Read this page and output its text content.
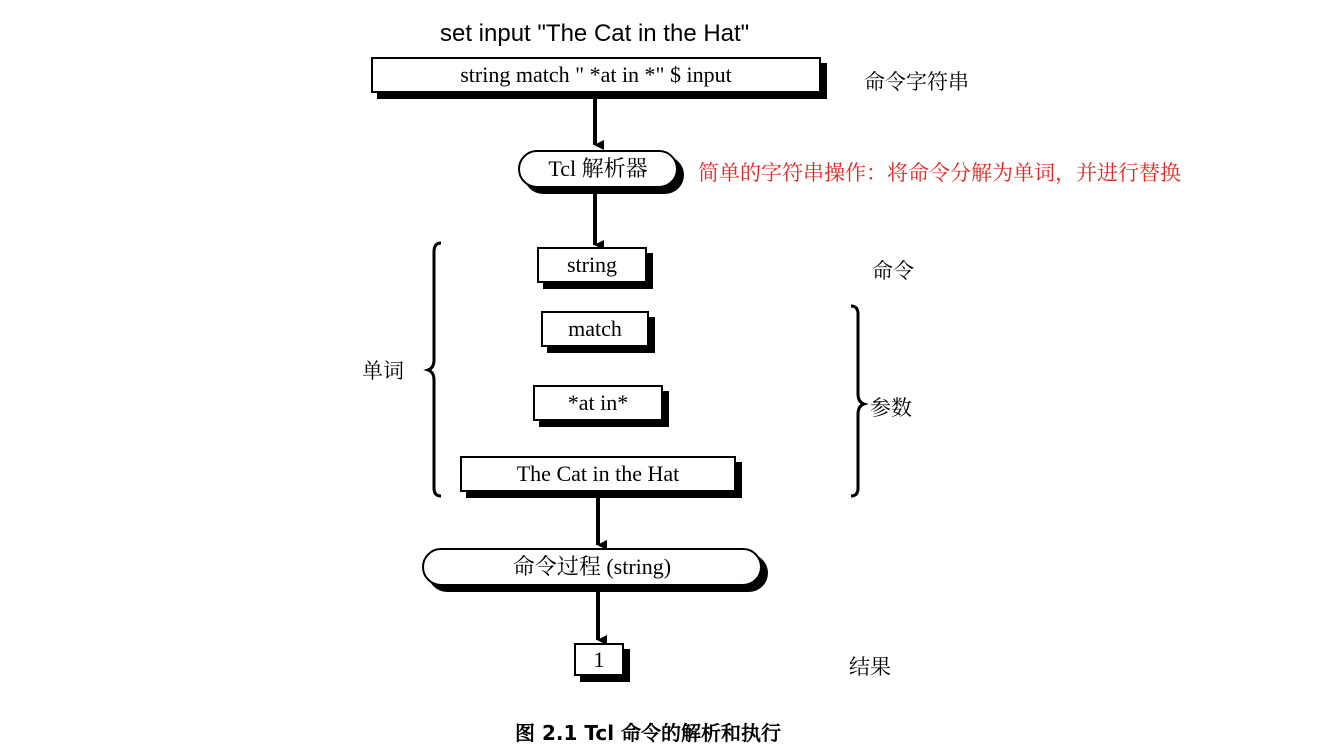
set input "The Cat in the Hat"
string match " *at in *" $ input	命令字符串
Tcl 解析器 简单的字符串操作：将命令分解为单词，并进行替换
string	命令
match
单词
*at in*	参数
The Cat in the Hat
命令过程 (string)
1	结果
图 2.1 Tcl 命令的解析和执行
